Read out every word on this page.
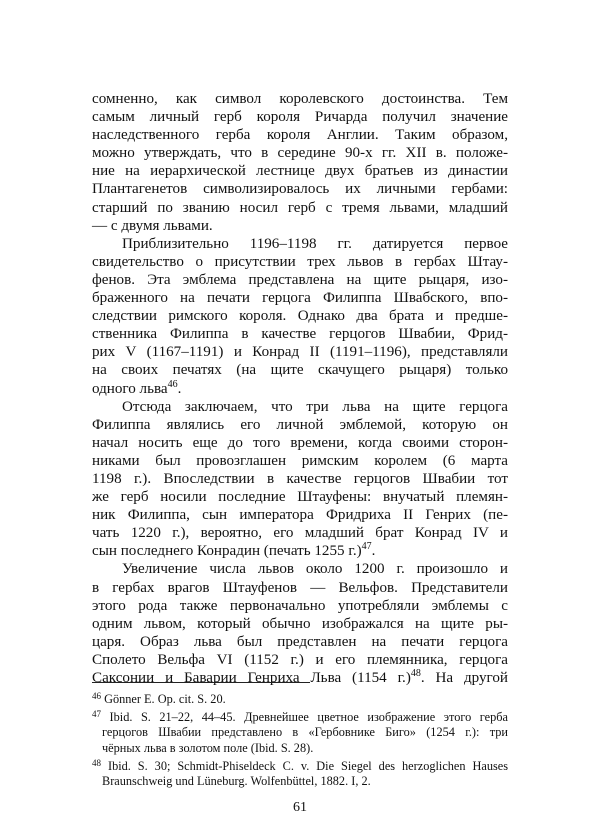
сомненно, как символ королевского достоинства. Тем
самым личный герб короля Ричарда получил значение
наследственного герба короля Англии. Таким образом,
можно утверждать, что в середине 90-х гг. XII в. положе-
ние на иерархической лестнице двух братьев из династии
Плантагенетов символизировалось их личными гербами:
старший по званию носил герб с тремя львами, младший
— с двумя львами.
Приблизительно 1196–1198 гг. датируется первое
свидетельство о присутствии трех львов в гербах Штау-
фенов. Эта эмблема представлена на щите рыцаря, изо-
браженного на печати герцога Филиппа Швабского, впо-
следствии римского короля. Однако два брата и предше-
ственника Филиппа в качестве герцогов Швабии, Фрид-
рих V (1167–1191) и Конрад II (1191–1196), представляли
на своих печатях (на щите скачущего рыцаря) только
одного льва$^{46}$.
Отсюда заключаем, что три льва на щите герцога
Филиппа являлись его личной эмблемой, которую он
начал носить еще до того времени, когда своими сторон-
никами был провозглашен римским королем (6 марта
1198 г.). Впоследствии в качестве герцогов Швабии тот
же герб носили последние Штауфены: внучатый племян-
ник Филиппа, сын императора Фридриха II Генрих (пе-
чать 1220 г.), вероятно, его младший брат Конрад IV и
сын последнего Конрадин (печать 1255 г.)$^{47}$.
Увеличение числа львов около 1200 г. произошло и
в гербах врагов Штауфенов — Вельфов. Представители
этого рода также первоначально употребляли эмблемы с
одним львом, который обычно изображался на щите ры-
царя. Образ льва был представлен на печати герцога
Сполето Вельфа VI (1152 г.) и его племянника, герцога
Саксонии и Баварии Генриха Льва (1154 г.)$^{48}$. На другой
$^{46}$ Gönner E. Op. cit. S. 20.
$^{47}$ Ibid. S. 21–22, 44–45. Древнейшее цветное изображение этого герба
герцогов Швабии представлено в «Гербовнике Биго» (1254 г.): три
чёрных льва в золотом поле (Ibid. S. 28).
$^{48}$ Ibid. S. 30; Schmidt-Phiseldeck C. v. Die Siegel des herzoglichen Hauses
Braunschweig und Lüneburg. Wolfenbüttel, 1882. I, 2.
61
